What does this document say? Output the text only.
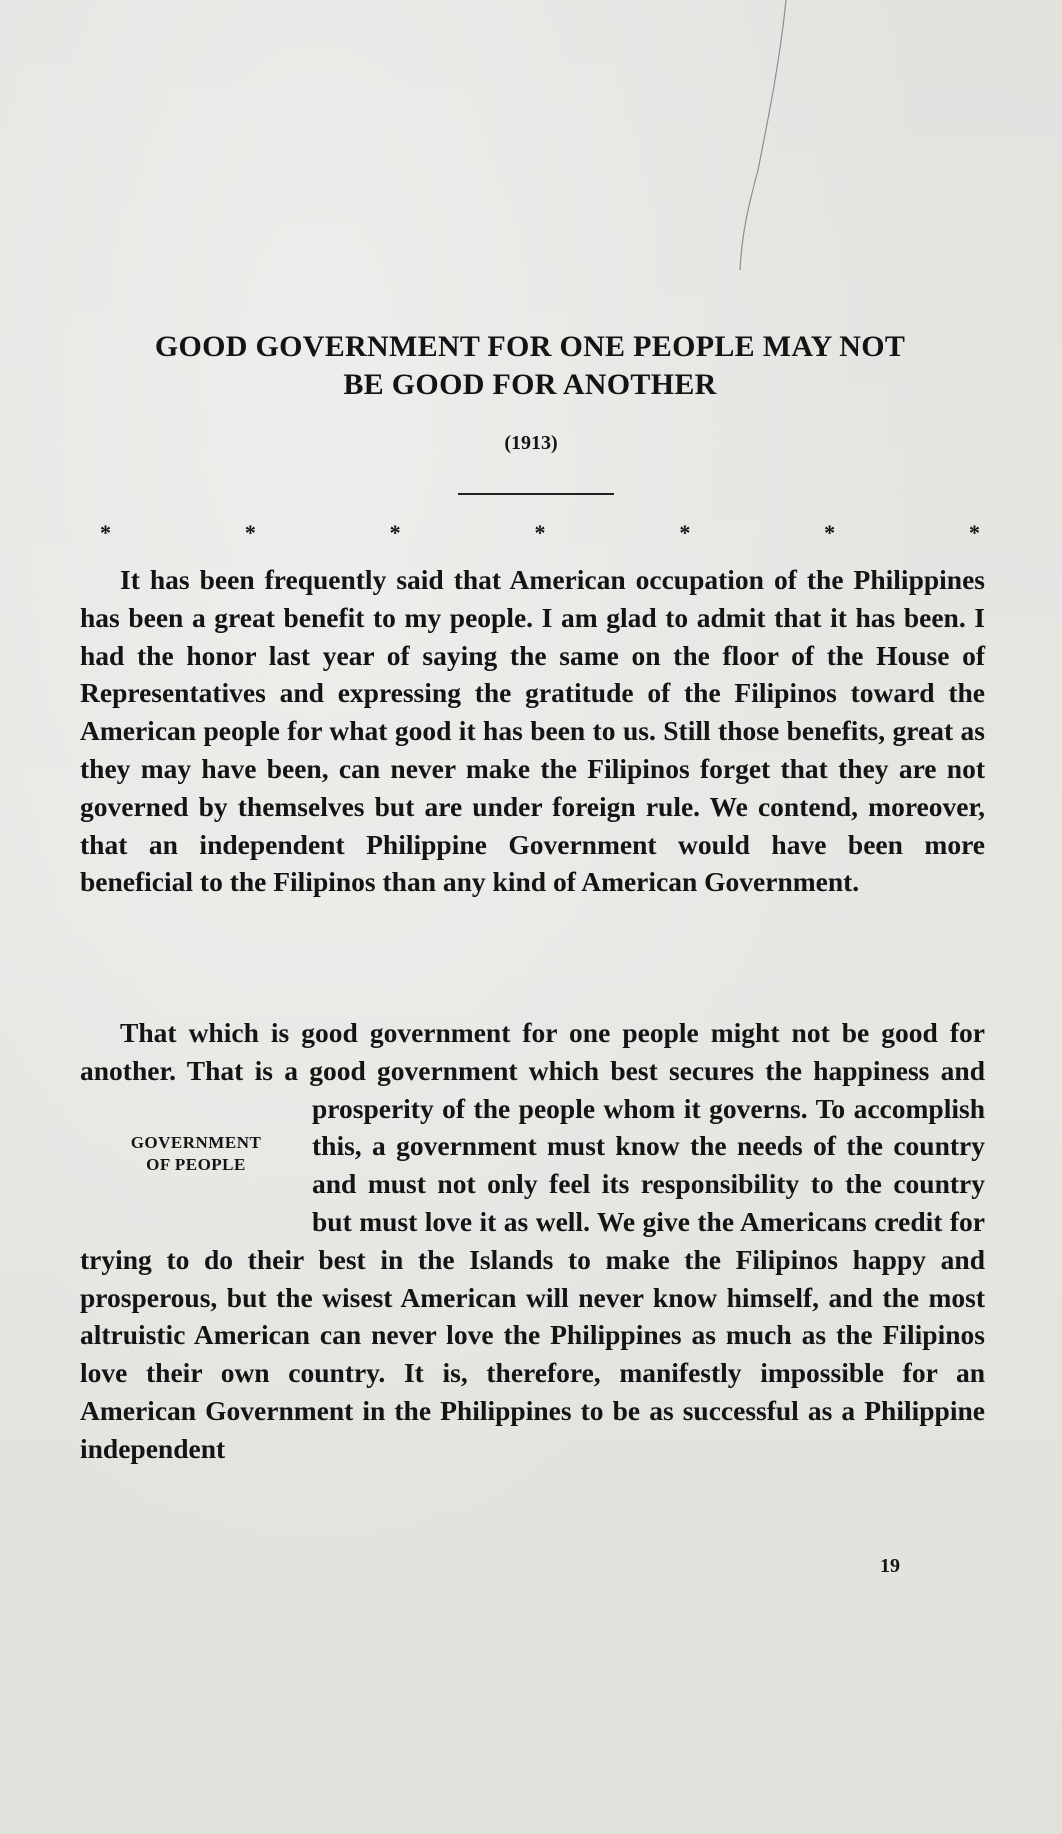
GOOD GOVERNMENT FOR ONE PEOPLE MAY NOT
BE GOOD FOR ANOTHER
(1913)
*	*	*	*	*	*	*

It has been frequently said that American occupation of the Philippines has been a great benefit to my people. I am glad to admit that it has been. I had the honor last year of saying the same on the floor of the House of Representatives and expressing the gratitude of the Filipinos toward the American people for what good it has been to us. Still those benefits, great as they may have been, can never make the Filipinos forget that they are not governed by themselves but are under foreign rule. We contend, moreover, that an independent Philippine Government would have been more beneficial to the Filipinos than any kind of American Government.

That which is good government for one people might not be good for another. That is a good government which best secures the happiness and prosperity of the people
GOVERNMENT
OF PEOPLE
whom it governs. To accomplish this, a government must know the needs of the country and must not only feel its responsibility to the country but must love it as well. We give the Americans credit for trying to do their best in the Islands to make the Filipinos happy and prosperous, but the wisest American will never know himself, and the most altruistic American can never love the Philippines as much as the Filipinos love their own country. It is, therefore, manifestly impossible for an American Government in the Philippines to be as successful as a Philippine independent

19
